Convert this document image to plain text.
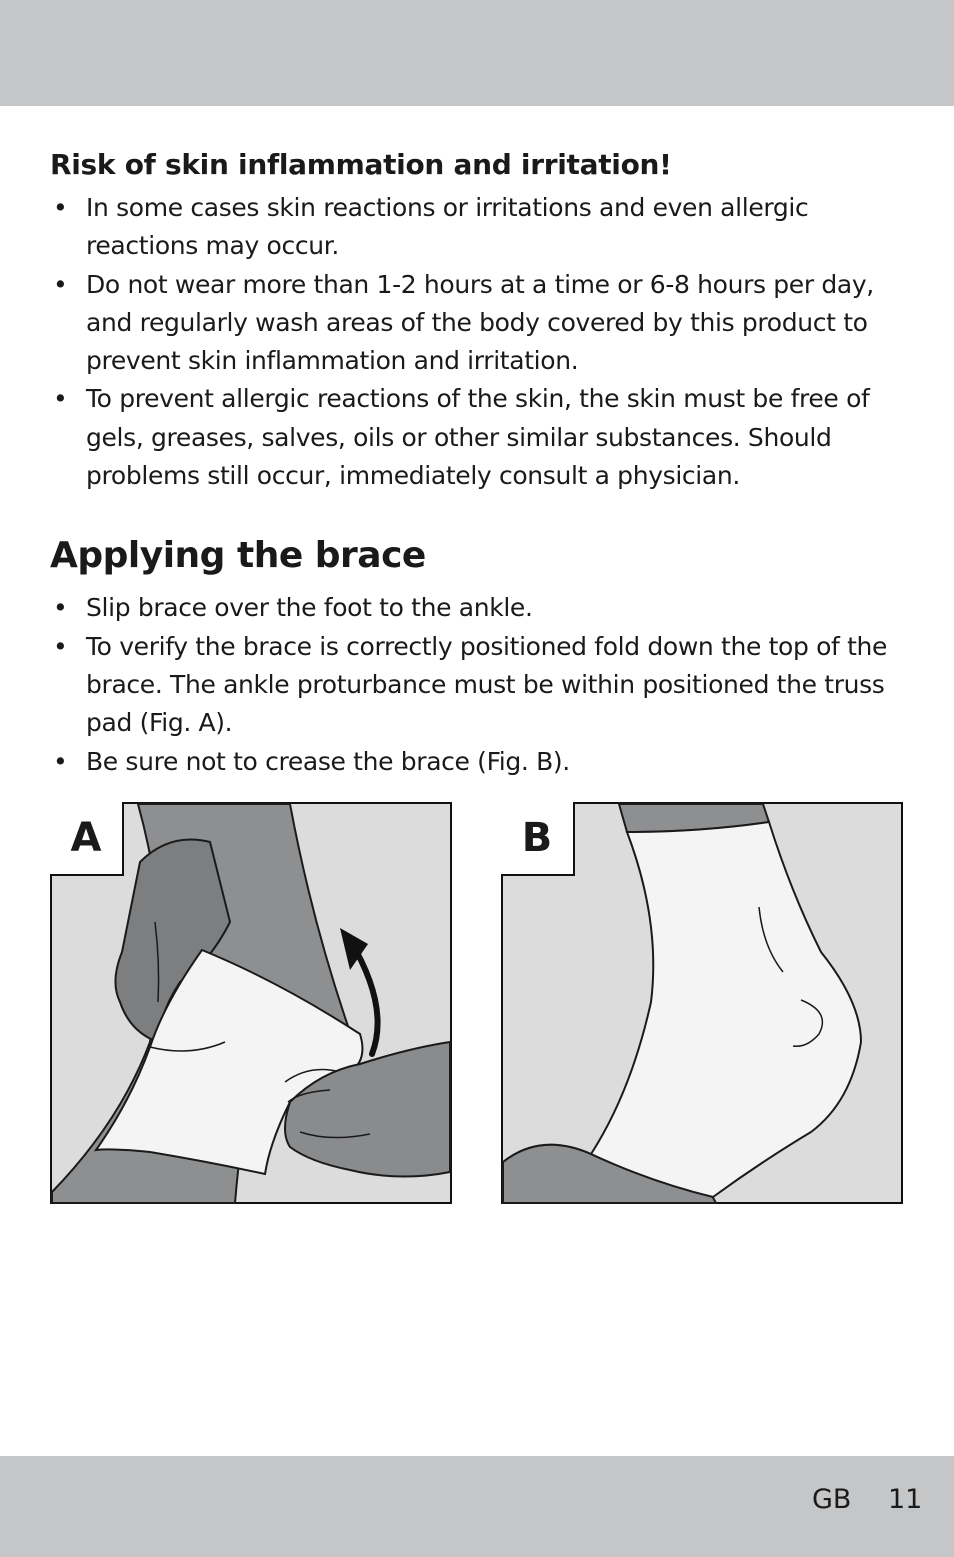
Risk of skin inflammation and irritation!
• In some cases skin reactions or irritations and even allergic reactions may occur.
• Do not wear more than 1-2 hours at a time or 6-8 hours per day, and regularly wash areas of the body covered by this product to prevent skin inflammation and irritation.
• To prevent allergic reactions of the skin, the skin must be free of gels, greases, salves, oils or other similar substances. Should problems still occur, immediately consult a physician.
Applying the brace
• Slip brace over the foot to the ankle.
• To verify the brace is correctly positioned fold down the top of the brace. The ankle proturbance must be within positioned the truss pad (Fig. A).
• Be sure not to crease the brace (Fig. B).
A	B
GB 11
